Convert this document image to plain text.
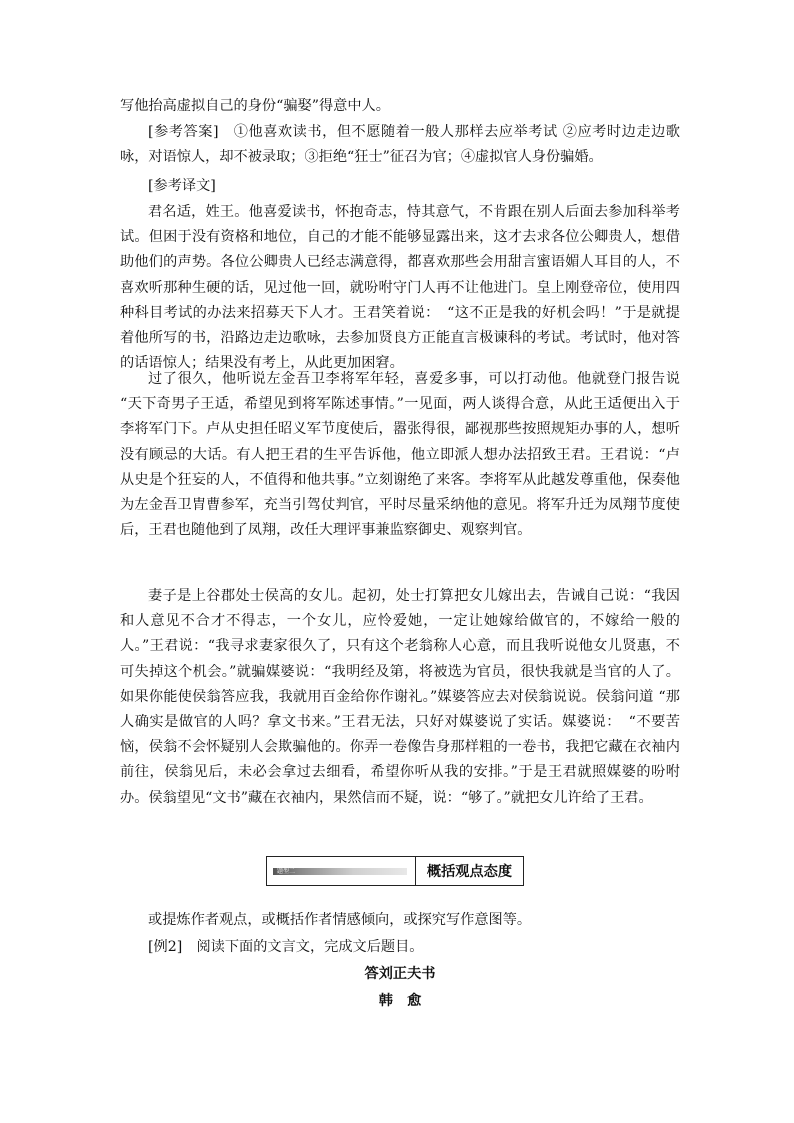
写他抬高虚拟自己的身份“骗娶”得意中人。

[参考答案]　①他喜欢读书，但不愿随着一般人那样去应举考试 ②应考时边走边歌咏，对语惊人，却不被录取；③拒绝“狂士”征召为官；④虚拟官人身份骗婚。

[参考译文]

君名适，姓王。他喜爱读书，怀抱奇志，恃其意气，不肯跟在别人后面去参加科举考试。但困于没有资格和地位，自己的才能不能够显露出来，这才去求各位公卿贵人，想借助他们的声势。各位公卿贵人已经志满意得，都喜欢那些会用甜言蜜语媚人耳目的人，不喜欢听那种生硬的话，见过他一回，就吩咐守门人再不让他进门。皇上刚登帝位，使用四种科目考试的办法来招募天下人才。王君笑着说：　“这不正是我的好机会吗！”于是就提着他所写的书，沿路边走边歌咏，去参加贤良方正能直言极谏科的考试。考试时，他对答的话语惊人；结果没有考上，从此更加困窘。

过了很久，他听说左金吾卫李将军年轻，喜爱多事，可以打动他。他就登门报告说 “天下奇男子王适，希望见到将军陈述事情。”一见面，两人谈得合意，从此王适便出入于李将军门下。卢从史担任昭义军节度使后，嚣张得很，鄙视那些按照规矩办事的人，想听没有顾忌的大话。有人把王君的生平告诉他，他立即派人想办法招致王君。王君说：“卢从史是个狂妄的人，不值得和他共事。”立刻谢绝了来客。李将军从此越发尊重他，保奏他为左金吾卫胄曹参军，充当引驾仗判官，平时尽量采纳他的意见。将军升迁为凤翔节度使后，王君也随他到了凤翔，改任大理评事兼监察御史、观察判官。

妻子是上谷郡处士侯高的女儿。起初，处士打算把女儿嫁出去，告诫自己说：“我因和人意见不合才不得志，一个女儿，应怜爱她，一定让她嫁给做官的，不嫁给一般的人。”王君说：“我寻求妻家很久了，只有这个老翁称人心意，而且我听说他女儿贤惠，不可失掉这个机会。”就骗媒婆说：“我明经及第，将被选为官员，很快我就是当官的人了。如果你能使侯翁答应我，我就用百金给你作谢礼。”媒婆答应去对侯翁说说。侯翁问道 “那人确实是做官的人吗？拿文书来。”王君无法，只好对媒婆说了实话。媒婆说：　“不要苦恼，侯翁不会怀疑别人会欺骗他的。你弄一卷像告身那样粗的一卷书，我把它藏在衣袖内前往，侯翁见后，未必会拿过去细看，希望你听从我的安排。”于是王君就照媒婆的吩咐办。侯翁望见“文书”藏在衣袖内，果然信而不疑，说：“够了。”就把女儿许给了王君。

题型二	概括观点态度

或提炼作者观点，或概括作者情感倾向，或探究写作意图等。

[例2]　阅读下面的文言文，完成文后题目。

答刘正夫书
韩　愈
